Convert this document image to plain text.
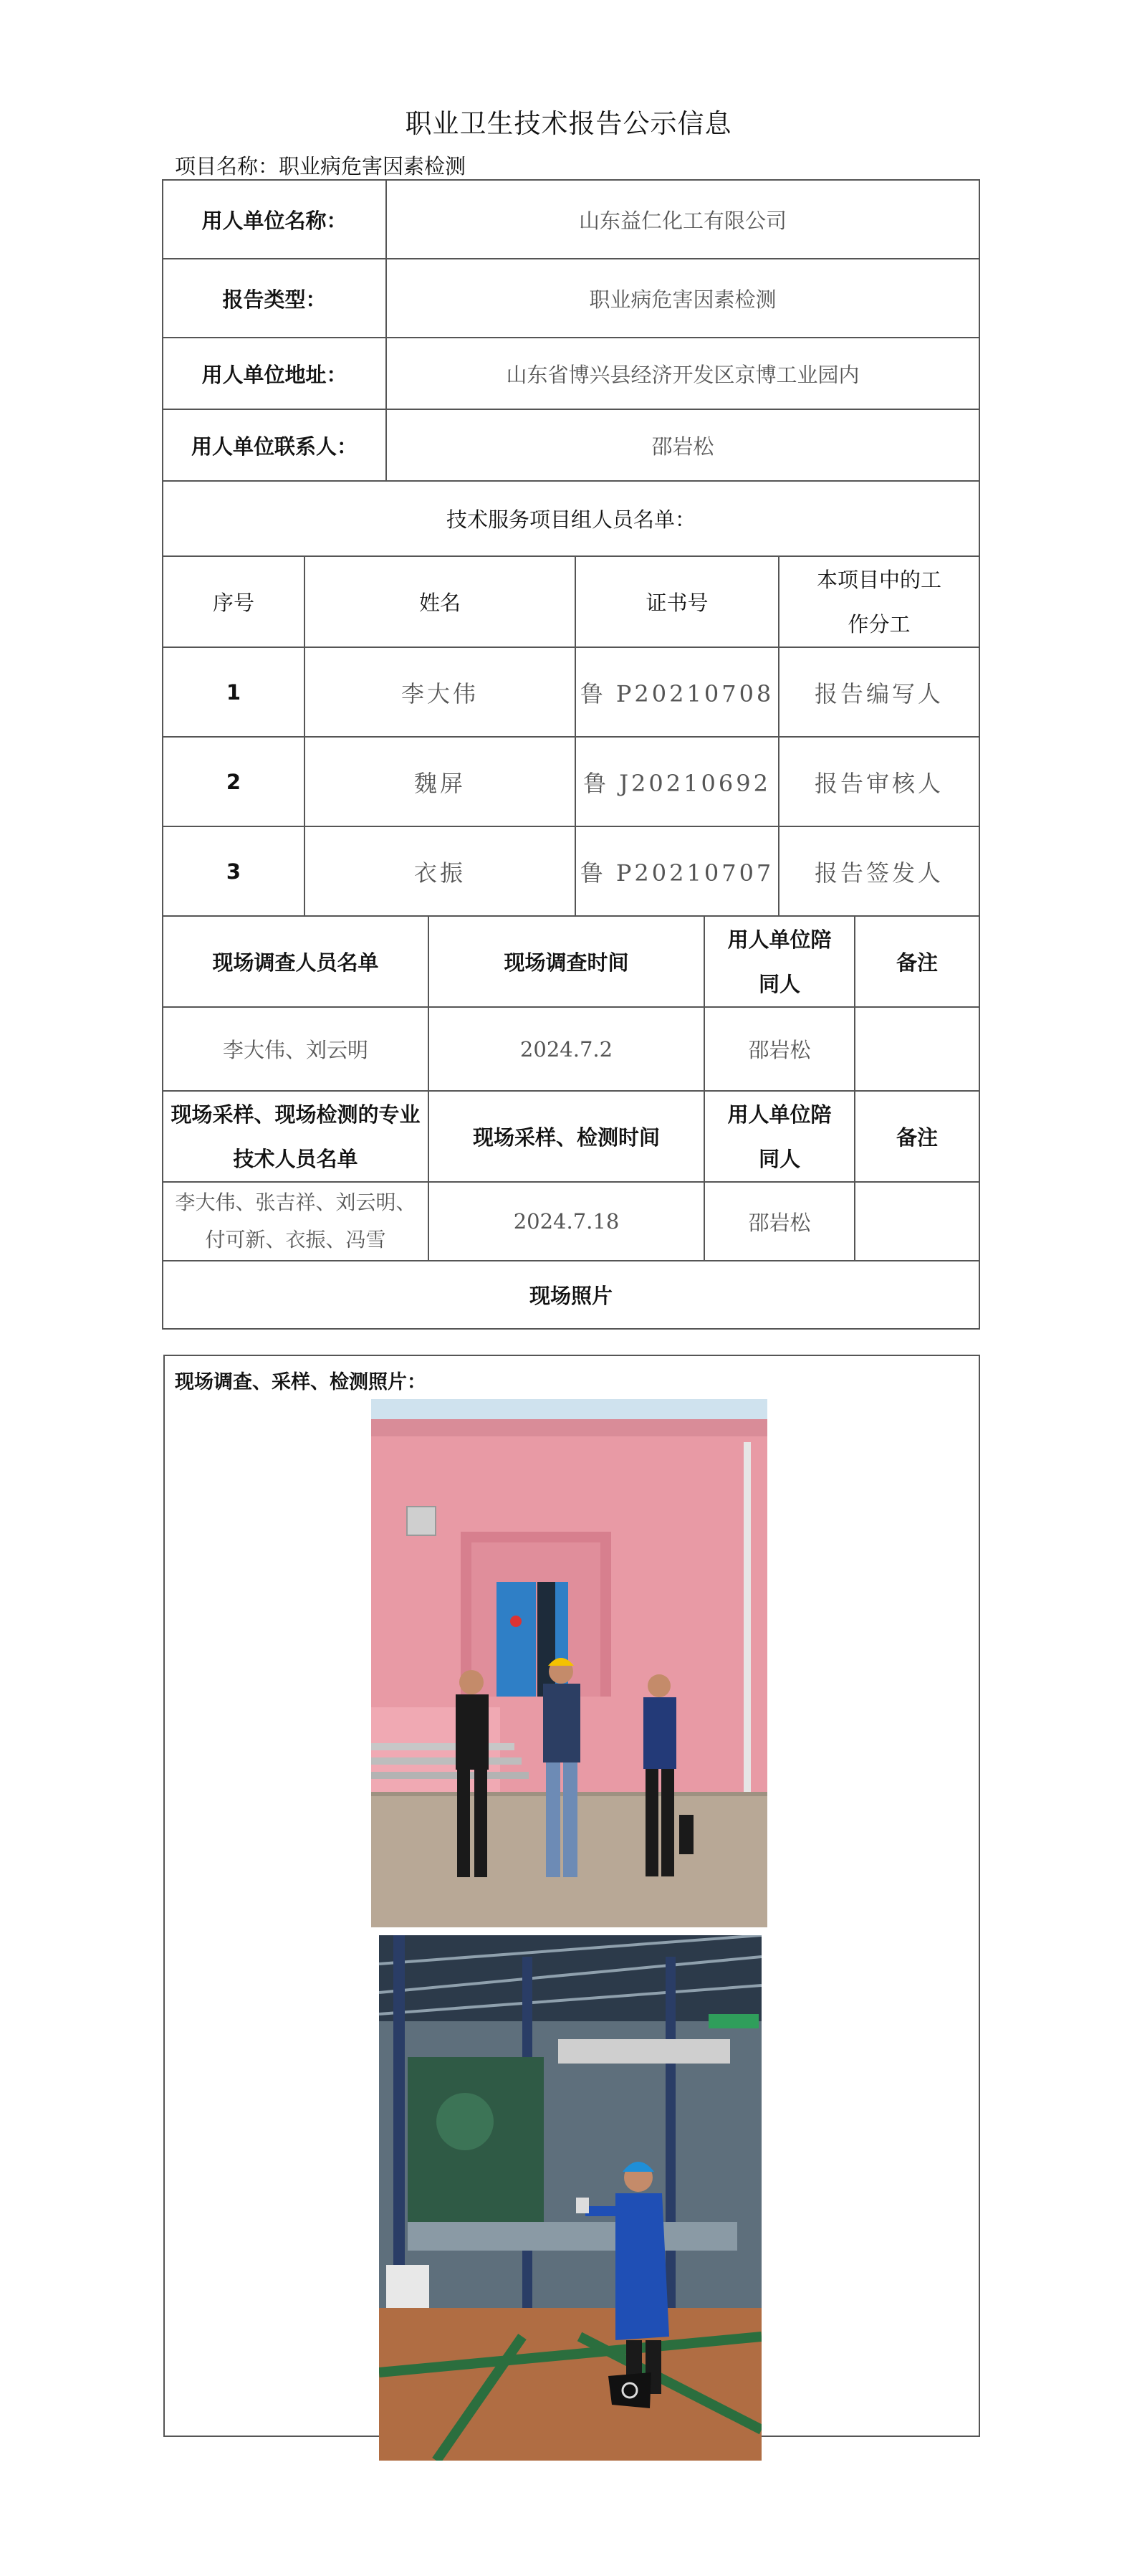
职业卫生技术报告公示信息
项目名称：职业病危害因素检测
用人单位名称：	山东益仁化工有限公司
报告类型：	职业病危害因素检测
用人单位地址：	山东省博兴县经济开发区京博工业园内
用人单位联系人：	邵岩松
技术服务项目组人员名单：	
序号	姓名	证书号	本项目中的工作分工
1	李大伟	鲁 P20210708	报告编写人
2	魏屏	鲁 J20210692	报告审核人
3	衣振	鲁 P20210707	报告签发人
现场调查人员名单	现场调查时间	用人单位陪同人	备注
李大伟、刘云明	2024.7.2	邵岩松	
现场采样、现场检测的专业技术人员名单	现场采样、检测时间	用人单位陪同人	备注
李大伟、张吉祥、刘云明、付可新、衣振、冯雪	2024.7.18	邵岩松	
现场照片			
现场调查、采样、检测照片：
